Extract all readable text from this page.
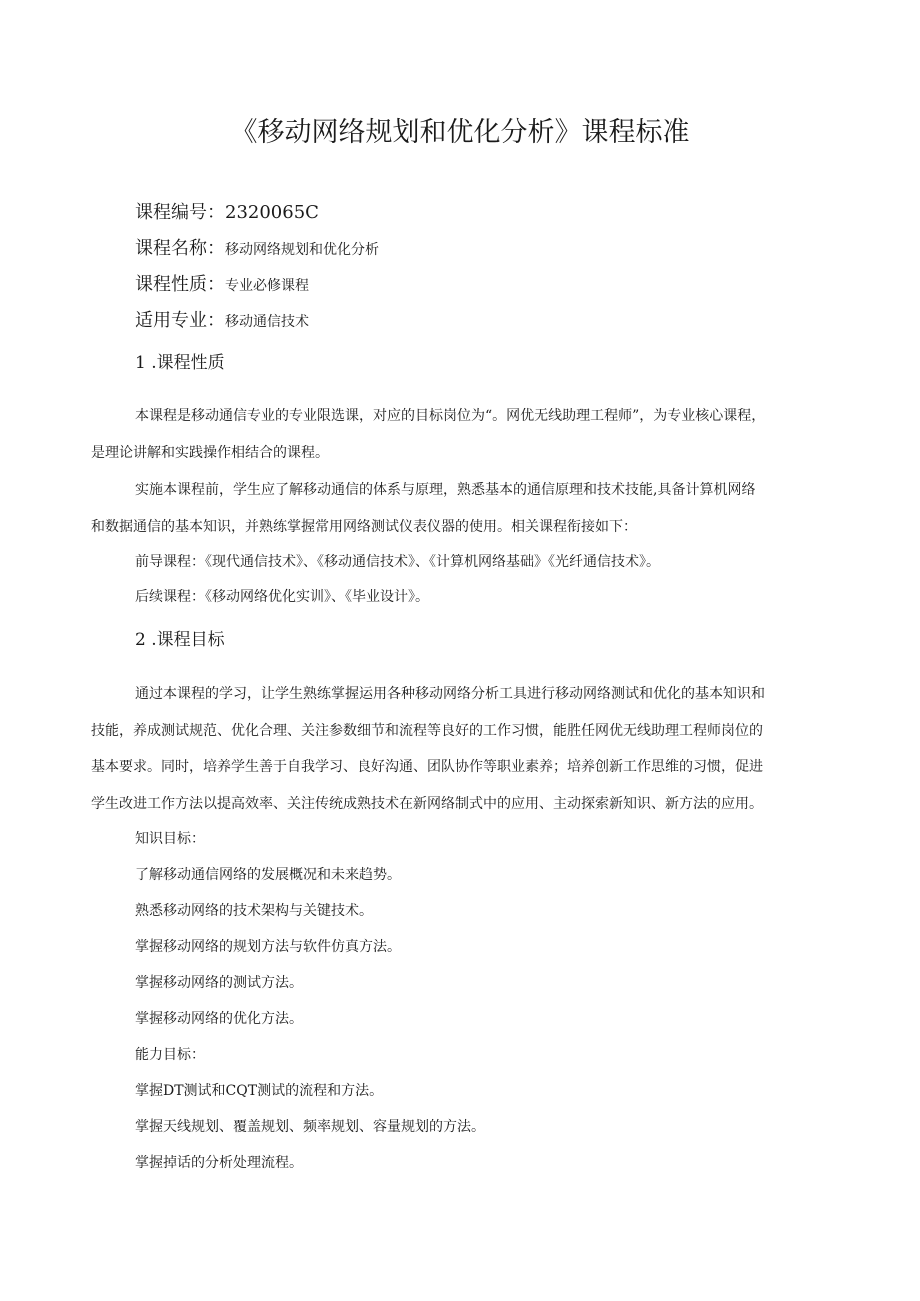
《移动网络规划和优化分析》课程标准
课程编号：2320065C
课程名称：移动网络规划和优化分析
课程性质：专业必修课程
适用专业：移动通信技术
1 .课程性质
本课程是移动通信专业的专业限选课，对应的目标岗位为“。网优无线助理工程师”，为专业核心课程，
是理论讲解和实践操作相结合的课程。
实施本课程前，学生应了解移动通信的体系与原理，熟悉基本的通信原理和技术技能,具备计算机网络
和数据通信的基本知识，并熟练掌握常用网络测试仪表仪器的使用。相关课程衔接如下：
前导课程：《现代通信技术》、《移动通信技术》、《计算机网络基础》《光纤通信技术》。
后续课程：《移动网络优化实训》、《毕业设计》。
2 .课程目标
通过本课程的学习，让学生熟练掌握运用各种移动网络分析工具进行移动网络测试和优化的基本知识和
技能，养成测试规范、优化合理、关注参数细节和流程等良好的工作习惯，能胜任网优无线助理工程师岗位的
基本要求。同时，培养学生善于自我学习、良好沟通、团队协作等职业素养；培养创新工作思维的习惯，促进
学生改进工作方法以提高效率、关注传统成熟技术在新网络制式中的应用、主动探索新知识、新方法的应用。
知识目标：
了解移动通信网络的发展概况和未来趋势。
熟悉移动网络的技术架构与关键技术。
掌握移动网络的规划方法与软件仿真方法。
掌握移动网络的测试方法。
掌握移动网络的优化方法。
能力目标：
掌握DT测试和CQT测试的流程和方法。
掌握天线规划、覆盖规划、频率规划、容量规划的方法。
掌握掉话的分析处理流程。
